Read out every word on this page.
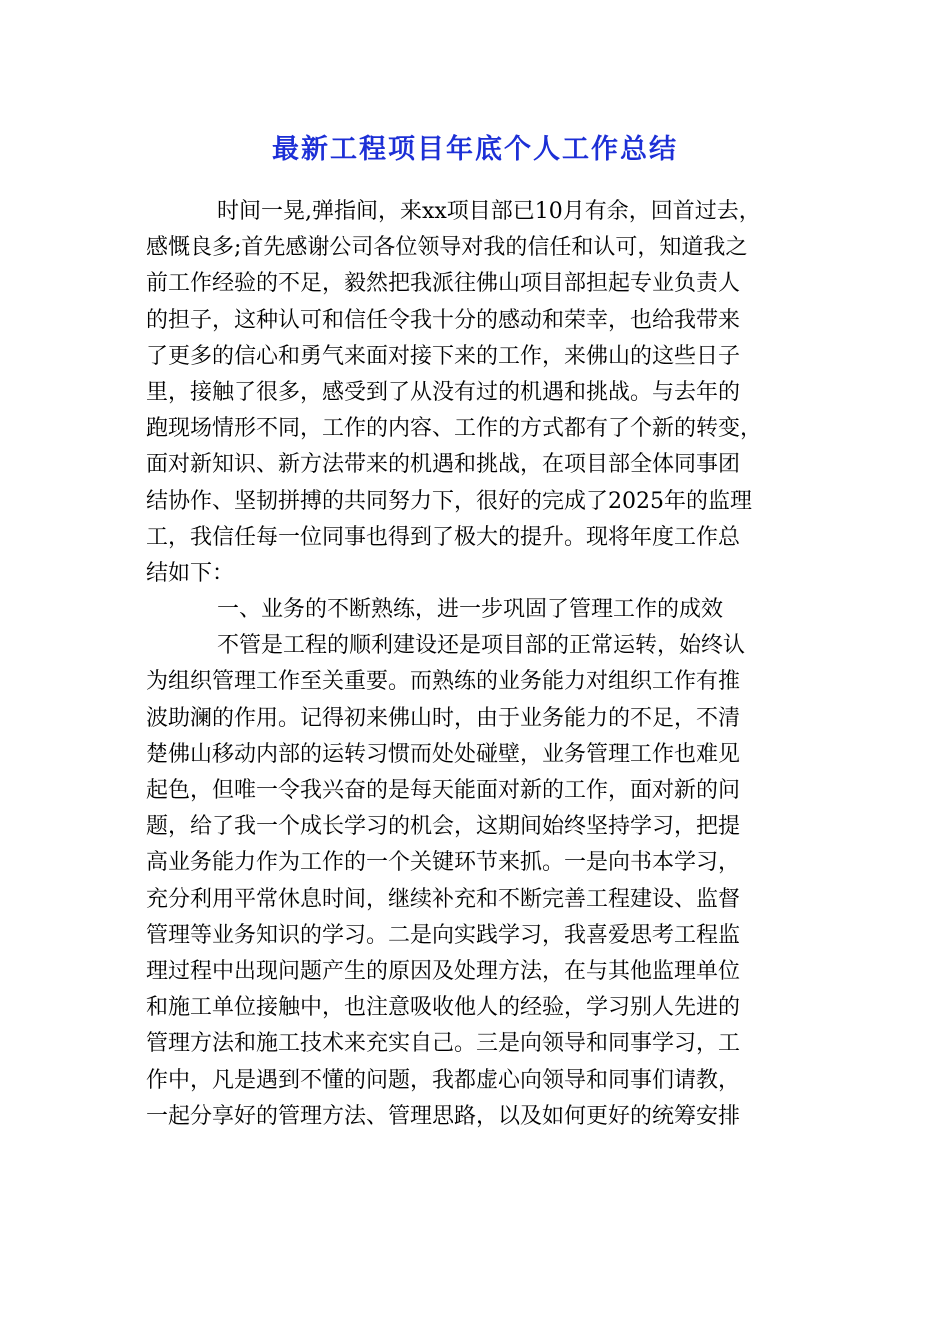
最新工程项目年底个人工作总结
时间一晃,弹指间，来xx项目部已10月有余，回首过去，
感慨良多;首先感谢公司各位领导对我的信任和认可，知道我之
前工作经验的不足，毅然把我派往佛山项目部担起专业负责人
的担子，这种认可和信任令我十分的感动和荣幸，也给我带来
了更多的信心和勇气来面对接下来的工作，来佛山的这些日子
里，接触了很多，感受到了从没有过的机遇和挑战。与去年的
跑现场情形不同，工作的内容、工作的方式都有了个新的转变，
面对新知识、新方法带来的机遇和挑战，在项目部全体同事团
结协作、坚韧拼搏的共同努力下，很好的完成了2025年的监理
工，我信任每一位同事也得到了极大的提升。现将年度工作总
结如下：
一、业务的不断熟练，进一步巩固了管理工作的成效
不管是工程的顺利建设还是项目部的正常运转，始终认
为组织管理工作至关重要。而熟练的业务能力对组织工作有推
波助澜的作用。记得初来佛山时，由于业务能力的不足，不清
楚佛山移动内部的运转习惯而处处碰壁，业务管理工作也难见
起色，但唯一令我兴奋的是每天能面对新的工作，面对新的问
题，给了我一个成长学习的机会，这期间始终坚持学习，把提
高业务能力作为工作的一个关键环节来抓。一是向书本学习，
充分利用平常休息时间，继续补充和不断完善工程建设、监督
管理等业务知识的学习。二是向实践学习，我喜爱思考工程监
理过程中出现问题产生的原因及处理方法，在与其他监理单位
和施工单位接触中，也注意吸收他人的经验，学习别人先进的
管理方法和施工技术来充实自己。三是向领导和同事学习，工
作中，凡是遇到不懂的问题，我都虚心向领导和同事们请教，
一起分享好的管理方法、管理思路，以及如何更好的统筹安排
